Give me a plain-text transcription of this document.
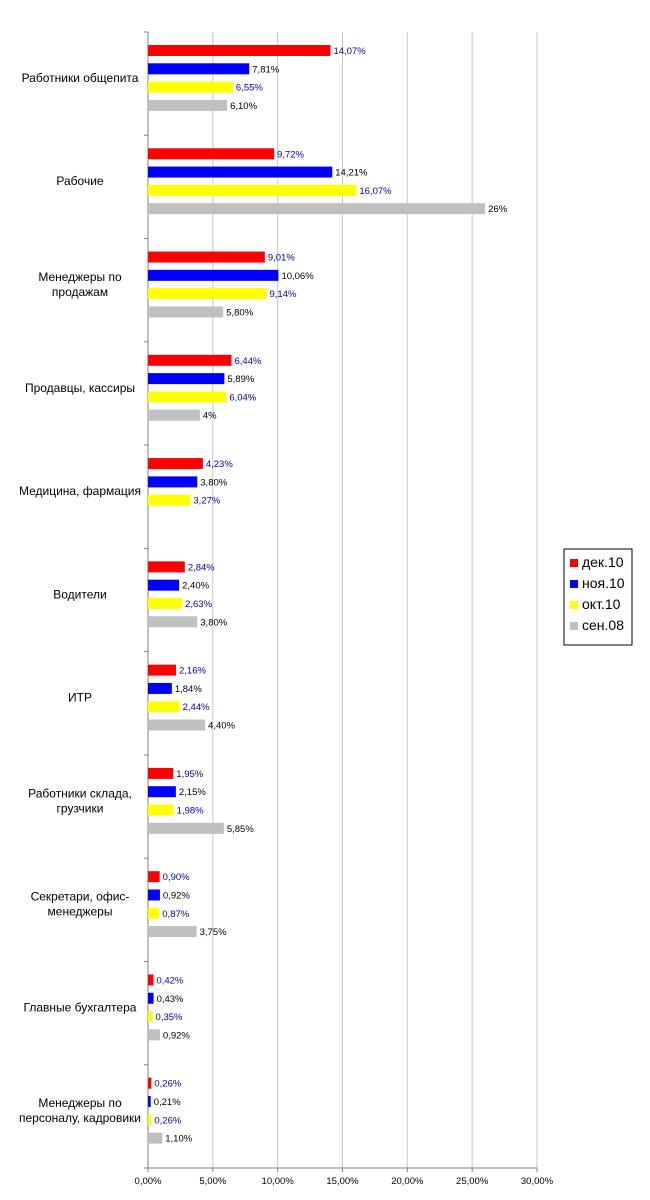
0,00%	5,00%	10,00%	15,00%	20,00%	25,00%	30,00%
Работники общепита
14,07%
7,81%
6,55%
6,10%
Рабочие
9,72%
14,21%
16,07%
26%
Менеджеры по
продажам
9,01%
10,06%
9,14%
5,80%
Продавцы, кассиры
6,44%
5,89%
6,04%
4%
Медицина, фармация
4,23%
3,80%
3,27%
Водители
2,84%
2,40%
2,63%
3,80%
ИТР
2,16%
1,84%
2,44%
4,40%
Работники склада,
грузчики
1,95%
2,15%
1,98%
5,85%
Секретари, офис-
менеджеры
0,90%
0,92%
0,87%
3,75%
Главные бухгалтера
0,42%
0,43%
0,35%
0,92%
Менеджеры по
персоналу, кадровики
0,26%
0,21%
0,26%
1,10%
дек.10
ноя.10
окт.10
сен.08
